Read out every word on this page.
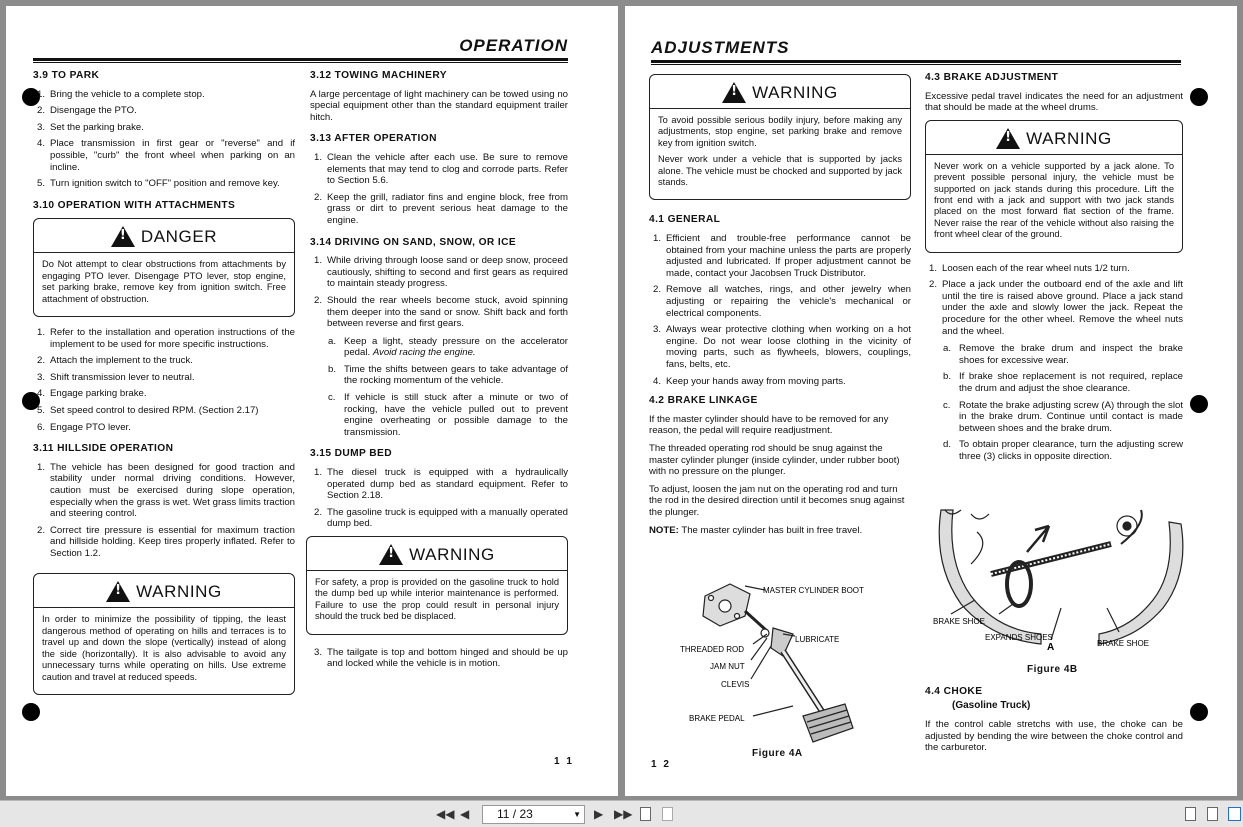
OPERATION
3.9 TO PARK
1. Bring the vehicle to a complete stop.
2. Disengage the PTO.
3. Set the parking brake.
4. Place transmission in first gear or "reverse" and if possible, "curb" the front wheel when parking on an incline.
5. Turn ignition switch to "OFF" position and remove key.
3.10 OPERATION WITH ATTACHMENTS
!
DANGER

Do Not attempt to clear obstructions from attachments by engaging PTO lever. Disengage PTO lever, stop engine, set parking brake, remove key from ignition switch. Free attachment of obstruction.

1. Refer to the installation and operation instructions of the implement to be used for more specific instructions.
2. Attach the implement to the truck.
3. Shift transmission lever to neutral.
4. Engage parking brake.
5. Set speed control to desired RPM. (Section 2.17)
6. Engage PTO lever.
3.11 HILLSIDE OPERATION
1. The vehicle has been designed for good traction and stability under normal driving conditions. However, caution must be exercised during slope operation, especially when the grass is wet. Wet grass limits traction and steering control.
2. Correct tire pressure is essential for maximum traction and hillside holding. Keep tires properly inflated. Refer to Section 1.2.
!
WARNING

In order to minimize the possibility of tipping, the least dangerous method of operating on hills and terraces is to travel up and down the slope (vertically) instead of along the side (horizontally). It is also advisable to avoid any unnecessary turns while operating on hills. Use extreme caution and travel at reduced speeds.

3.12 TOWING MACHINERY

A large percentage of light machinery can be towed using no special equipment other than the standard equipment trailer hitch.

3.13 AFTER OPERATION
1. Clean the vehicle after each use. Be sure to remove elements that may tend to clog and corrode parts. Refer to Section 5.6.
2. Keep the grill, radiator fins and engine block, free from grass or dirt to prevent serious heat damage to the engine.
3.14 DRIVING ON SAND, SNOW, OR ICE
1. While driving through loose sand or deep snow, proceed cautiously, shifting to second and first gears as required to maintain steady progress.
2. Should the rear wheels become stuck, avoid spinning them deeper into the sand or snow. Shift back and forth between reverse and first gears.
a. Keep a light, steady pressure on the accelerator pedal. Avoid racing the engine.
b. Time the shifts between gears to take advantage of the rocking momentum of the vehicle.
c. If vehicle is still stuck after a minute or two of rocking, have the vehicle pulled out to prevent engine overheating or possible damage to the transmission.
3.15 DUMP BED
1. The diesel truck is equipped with a hydraulically operated dump bed as standard equipment. Refer to Section 2.18.
2. The gasoline truck is equipped with a manually operated dump bed.
!
WARNING

For safety, a prop is provided on the gasoline truck to hold the dump bed up while interior maintenance is performed. Failure to use the prop could result in personal injury should the truck bed be displaced.

3. The tailgate is top and bottom hinged and should be up and locked while the vehicle is in motion.
1 1
ADJUSTMENTS
!
WARNING

To avoid possible serious bodily injury, before making any adjustments, stop engine, set parking brake and remove key from ignition switch.

Never work under a vehicle that is supported by jacks alone. The vehicle must be chocked and supported by jack stands.

4.1 GENERAL
1. Efficient and trouble-free performance cannot be obtained from your machine unless the parts are properly adjusted and lubricated. If proper adjustment cannot be made, contact your Jacobsen Truck Distributor.
2. Remove all watches, rings, and other jewelry when adjusting or repairing the vehicle's mechanical or electrical components.
3. Always wear protective clothing when working on a hot engine. Do not wear loose clothing in the vicinity of moving parts, such as flywheels, blowers, couplings, fans, belts, etc.
4. Keep your hands away from moving parts.
4.2 BRAKE LINKAGE

If the master cylinder should have to be removed for any reason, the pedal will require readjustment.

The threaded operating rod should be snug against the master cylinder plunger (inside cylinder, under rubber boot) with no pressure on the plunger.

To adjust, loosen the jam nut on the operating rod and turn the rod in the desired direction until it becomes snug against the plunger.

NOTE: The master cylinder has built in free travel.

MASTER CYLINDER BOOT
LUBRICATE
THREADED ROD
JAM NUT
CLEVIS
BRAKE PEDAL
Figure 4A
4.3 BRAKE ADJUSTMENT

Excessive pedal travel indicates the need for an adjustment that should be made at the wheel drums.

!
WARNING

Never work on a vehicle supported by a jack alone. To prevent possible personal injury, the vehicle must be supported on jack stands during this procedure. Lift the front end with a jack and support with two jack stands placed on the most forward flat section of the frame. Never raise the rear of the vehicle without also raising the front wheel clear of the ground.

1. Loosen each of the rear wheel nuts 1/2 turn.
2. Place a jack under the outboard end of the axle and lift until the tire is raised above ground. Place a jack stand under the axle and slowly lower the jack. Repeat the procedure for the other wheel. Remove the wheel nuts and the wheel.
a. Remove the brake drum and inspect the brake shoes for excessive wear.
b. If brake shoe replacement is not required, replace the drum and adjust the shoe clearance.
c. Rotate the brake adjusting screw (A) through the slot in the brake drum. Continue until contact is made between shoes and the brake drum.
d. To obtain proper clearance, turn the adjusting screw three (3) clicks in opposite direction.
BRAKE SHOE
EXPANDS SHOES
BRAKE SHOE
A
Figure 4B
4.4 CHOKE
(Gasoline Truck)

If the control cable stretchs with use, the choke can be adjusted by bending the wire between the choke control and the carburetor.

1 2
◀◀ ◀	11 / 23	▼ ▶ ▶▶
